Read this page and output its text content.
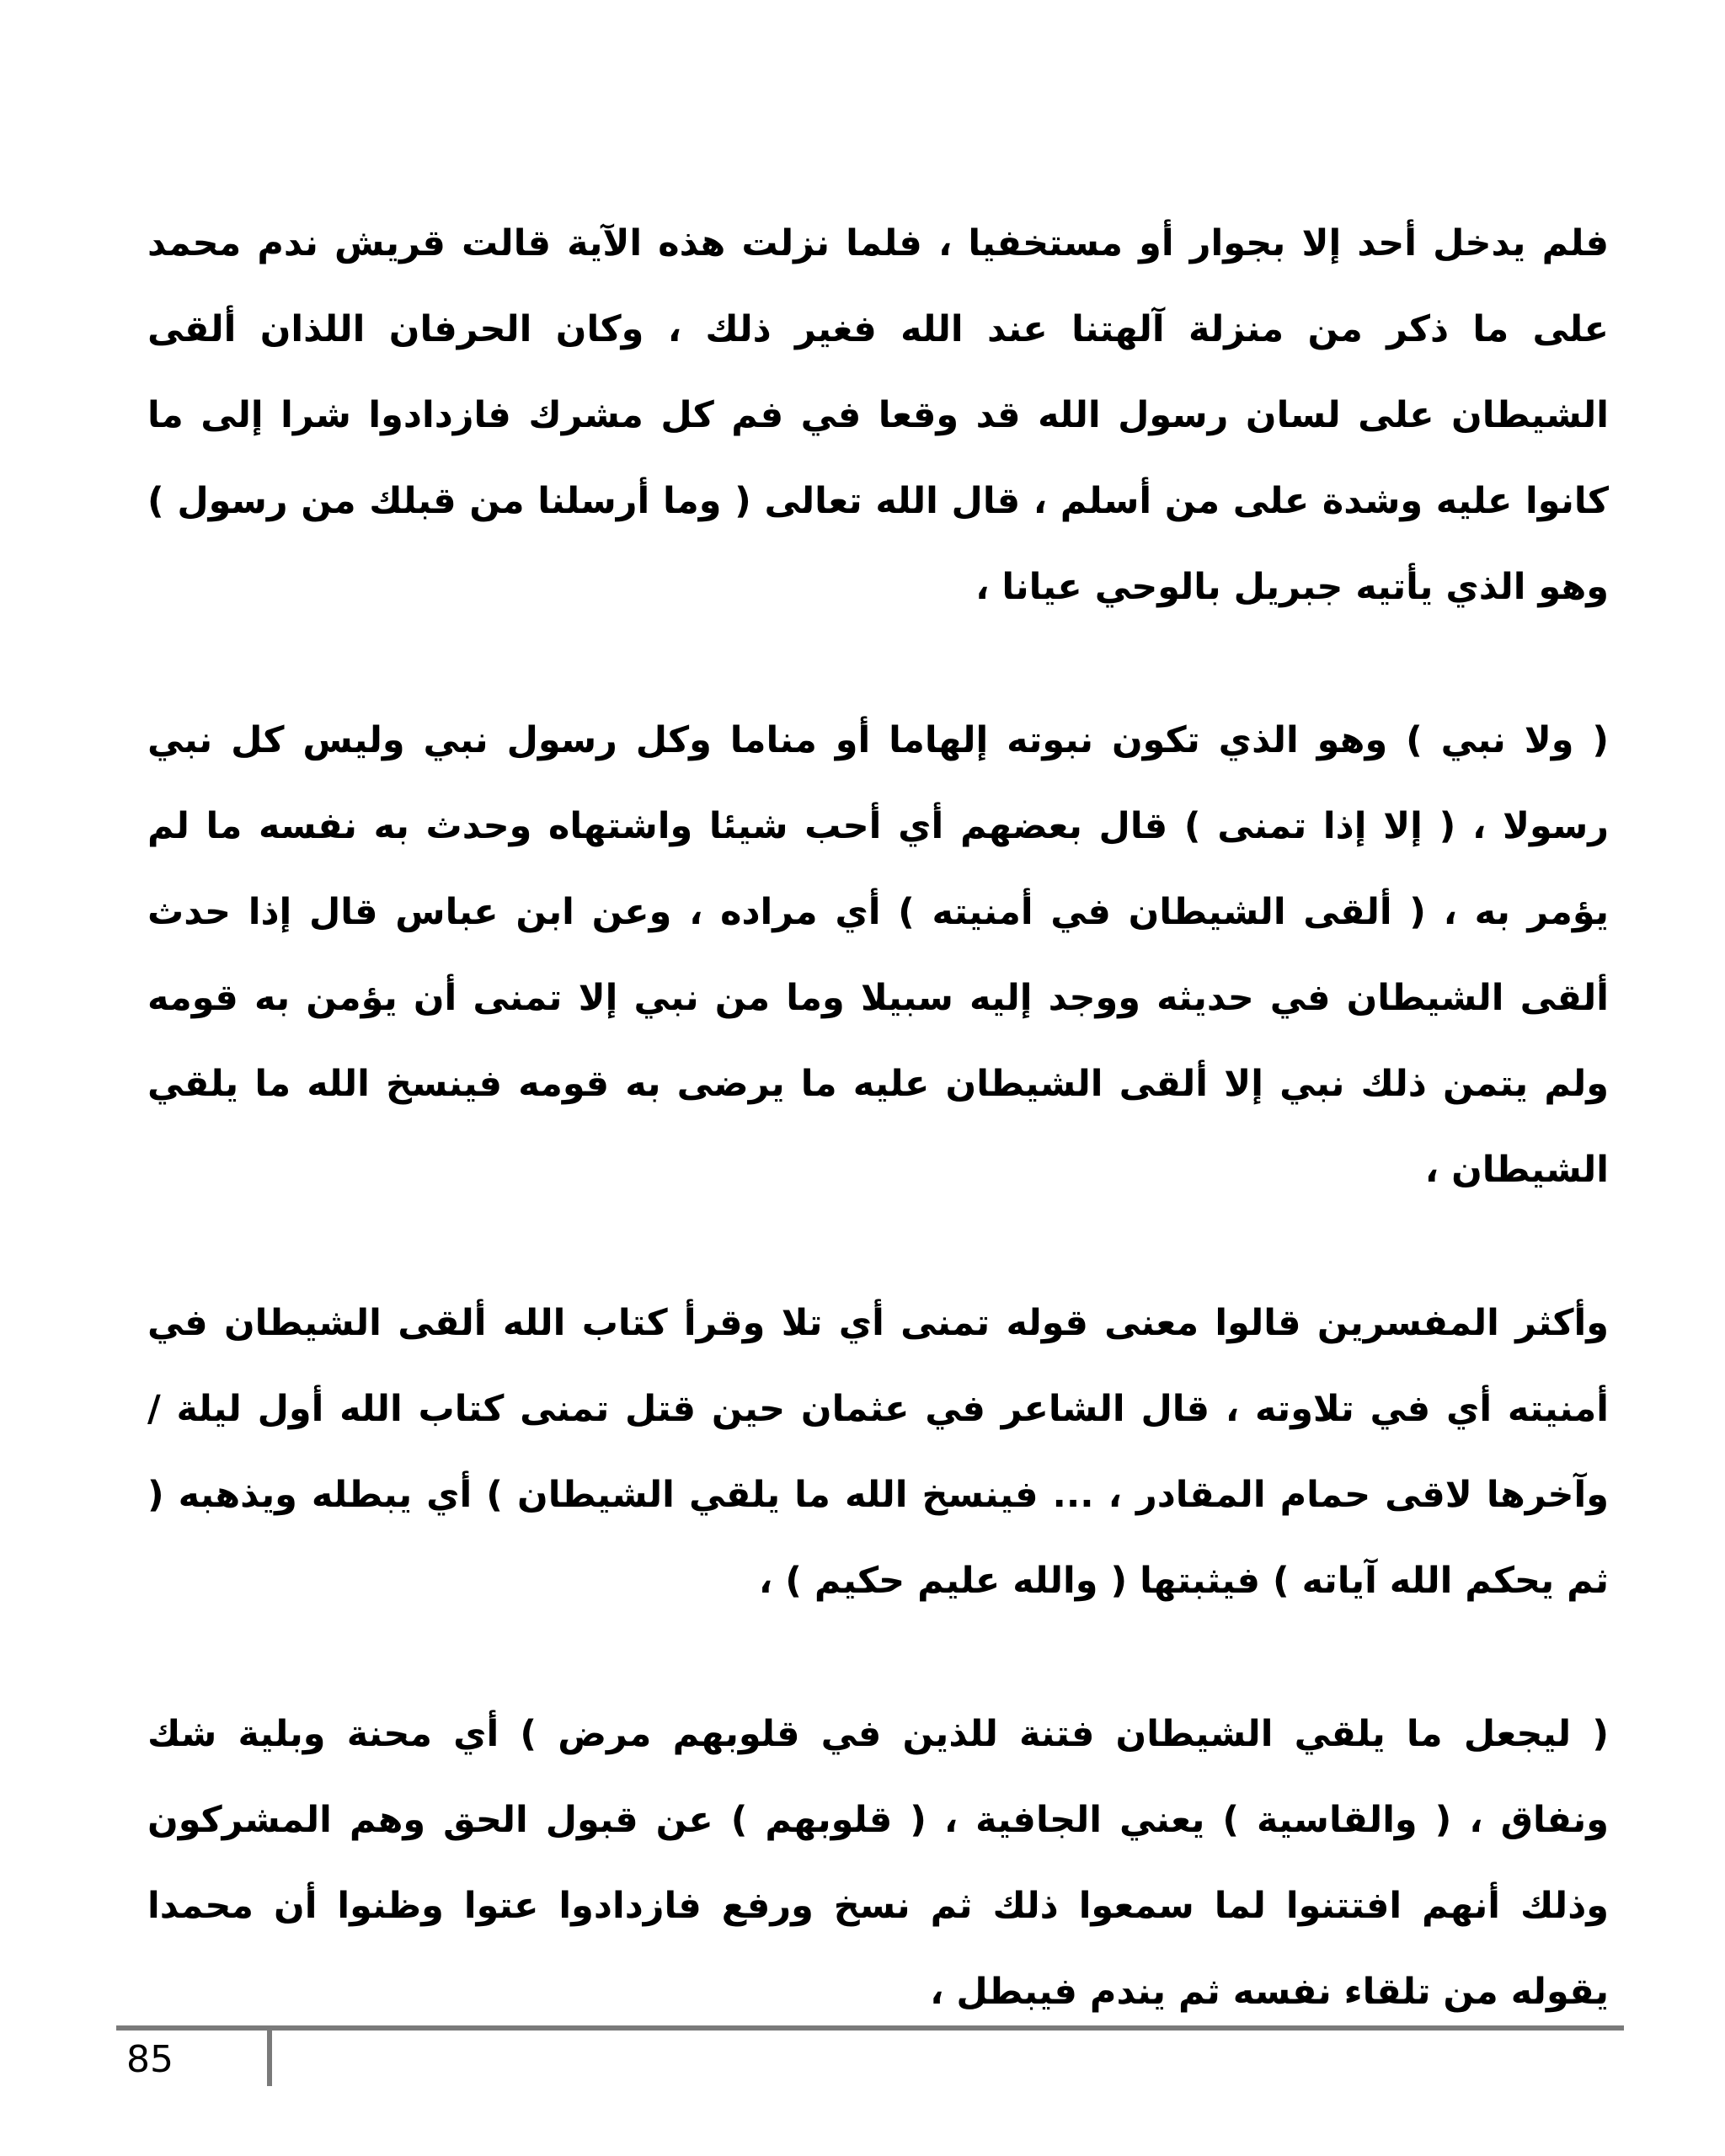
فلم يدخل أحد إلا بجوار أو مستخفيا ، فلما نزلت هذه الآية قالت قريش ندم محمد على ما ذكر من منزلة آلهتنا عند الله فغير ذلك ، وكان الحرفان اللذان ألقى الشيطان على لسان رسول الله قد وقعا في فم كل مشرك فازدادوا شرا إلى ما كانوا عليه وشدة على من أسلم ، قال الله تعالى ( وما أرسلنا من قبلك من رسول ) وهو الذي يأتيه جبريل بالوحي عيانا ،

( ولا نبي ) وهو الذي تكون نبوته إلهاما أو مناما وكل رسول نبي وليس كل نبي رسولا ، ( إلا إذا تمنى ) قال بعضهم أي أحب شيئا واشتهاه وحدث به نفسه ما لم يؤمر به ، ( ألقى الشيطان في أمنيته ) أي مراده ، وعن ابن عباس قال إذا حدث ألقى الشيطان في حديثه ووجد إليه سبيلا وما من نبي إلا تمنى أن يؤمن به قومه ولم يتمن ذلك نبي إلا ألقى الشيطان عليه ما يرضى به قومه فينسخ الله ما يلقي الشيطان ،

وأكثر المفسرين قالوا معنى قوله تمنى أي تلا وقرأ كتاب الله ألقى الشيطان في أمنيته أي في تلاوته ، قال الشاعر في عثمان حين قتل تمنى كتاب الله أول ليلة / وآخرها لاقى حمام المقادر ، ... فينسخ الله ما يلقي الشيطان ) أي يبطله ويذهبه ( ثم يحكم الله آياته ) فيثبتها ( والله عليم حكيم ) ،

( ليجعل ما يلقي الشيطان فتنة للذين في قلوبهم مرض ) أي محنة وبلية شك ونفاق ، ( والقاسية ) يعني الجافية ، ( قلوبهم ) عن قبول الحق وهم المشركون وذلك أنهم افتتنوا لما سمعوا ذلك ثم نسخ ورفع فازدادوا عتوا وظنوا أن محمدا يقوله من تلقاء نفسه ثم يندم فيبطل ،

85
